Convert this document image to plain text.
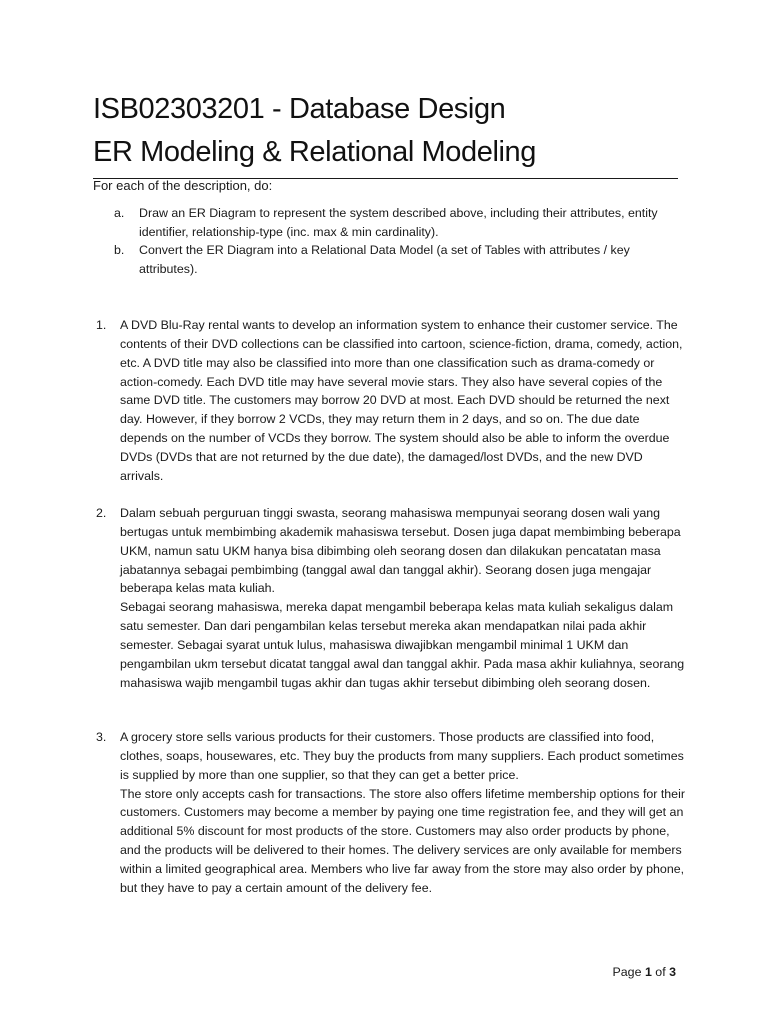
ISB02303201 - Database Design
ER Modeling & Relational Modeling
For each of the description, do:
a.	Draw an ER Diagram to represent the system described above, including their attributes, entity identifier, relationship-type (inc. max & min cardinality).
b.	Convert the ER Diagram into a Relational Data Model (a set of Tables with attributes / key attributes).
1.	A DVD Blu-Ray rental wants to develop an information system to enhance their customer service. The contents of their DVD collections can be classified into cartoon, science-fiction, drama, comedy, action, etc. A DVD title may also be classified into more than one classification such as drama-comedy or action-comedy. Each DVD title may have several movie stars. They also have several copies of the same DVD title. The customers may borrow 20 DVD at most. Each DVD should be returned the next day. However, if they borrow 2 VCDs, they may return them in 2 days, and so on. The due date depends on the number of VCDs they borrow. The system should also be able to inform the overdue DVDs (DVDs that are not returned by the due date), the damaged/lost DVDs, and the new DVD arrivals.

2.	Dalam sebuah perguruan tinggi swasta, seorang mahasiswa mempunyai seorang dosen wali yang bertugas untuk membimbing akademik mahasiswa tersebut. Dosen juga dapat membimbing beberapa UKM, namun satu UKM hanya bisa dibimbing oleh seorang dosen dan dilakukan pencatatan masa jabatannya sebagai pembimbing (tanggal awal dan tanggal akhir). Seorang dosen juga mengajar beberapa kelas mata kuliah.

Sebagai seorang mahasiswa, mereka dapat mengambil beberapa kelas mata kuliah sekaligus dalam satu semester. Dan dari pengambilan kelas tersebut mereka akan mendapatkan nilai pada akhir semester. Sebagai syarat untuk lulus, mahasiswa diwajibkan mengambil minimal 1 UKM dan pengambilan ukm tersebut dicatat tanggal awal dan tanggal akhir. Pada masa akhir kuliahnya, seorang mahasiswa wajib mengambil tugas akhir dan tugas akhir tersebut dibimbing oleh seorang dosen.

3.	A grocery store sells various products for their customers. Those products are classified into food, clothes, soaps, housewares, etc. They buy the products from many suppliers. Each product sometimes is supplied by more than one supplier, so that they can get a better price.

The store only accepts cash for transactions. The store also offers lifetime membership options for their customers. Customers may become a member by paying one time registration fee, and they will get an additional 5% discount for most products of the store. Customers may also order products by phone, and the products will be delivered to their homes. The delivery services are only available for members within a limited geographical area. Members who live far away from the store may also order by phone, but they have to pay a certain amount of the delivery fee.

Page 1 of 3
